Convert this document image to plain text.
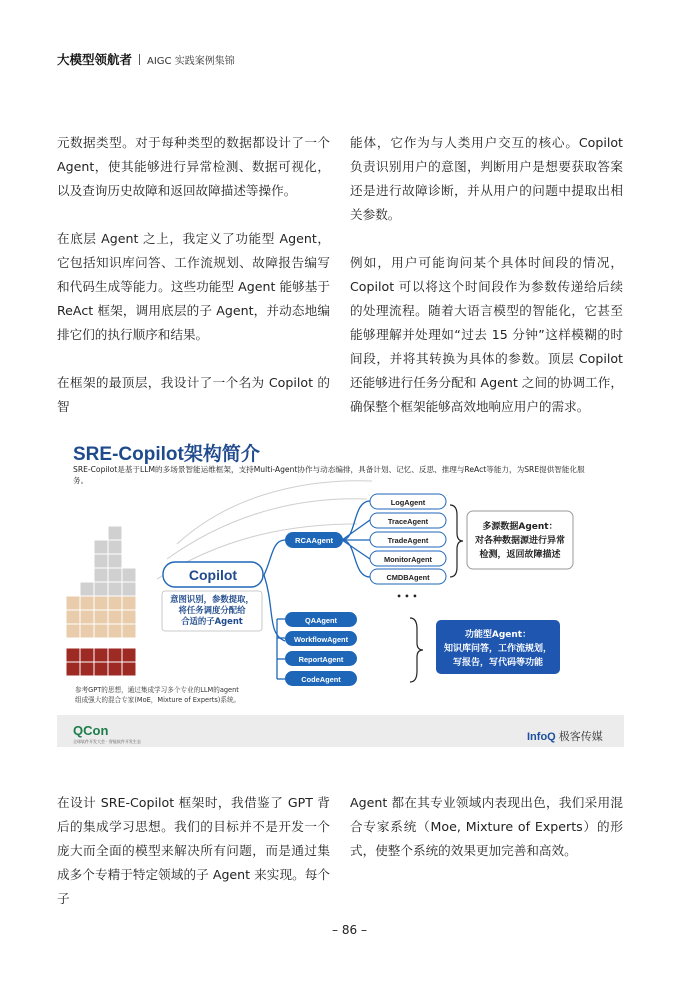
大模型领航者 AIGC 实践案例集锦

元数据类型。对于每种类型的数据都设计了一个Agent，使其能够进行异常检测、数据可视化，以及查询历史故障和返回故障描述等操作。

在底层 Agent 之上，我定义了功能型 Agent，它包括知识库问答、工作流规划、故障报告编写和代码生成等能力。这些功能型 Agent 能够基于ReAct 框架，调用底层的子 Agent，并动态地编排它们的执行顺序和结果。

在框架的最顶层，我设计了一个名为 Copilot 的智

能体，它作为与人类用户交互的核心。Copilot 负责识别用户的意图，判断用户是想要获取答案还是进行故障诊断，并从用户的问题中提取出相关参数。

例如，用户可能询问某个具体时间段的情况，Copilot 可以将这个时间段作为参数传递给后续的处理流程。随着大语言模型的智能化，它甚至能够理解并处理如“过去 15 分钟”这样模糊的时间段，并将其转换为具体的参数。顶层 Copilot 还能够进行任务分配和 Agent 之间的协调工作，确保整个框架能够高效地响应用户的需求。

SRE-Copilot架构简介
SRE-Copilot是基于LLM的多场景智能运维框架，支持Multi-Agent协作与动态编排，具备计划、记忆、反思、推理与ReAct等能力，为SRE提供智能化服务。
Copilot
意图识别，参数提取，
将任务调度分配给
合适的子Agent
RCAAgent
LogAgent
TraceAgent
TradeAgent
MonitorAgent
CMDBAgent
• • •
QAAgent
WorkflowAgent
ReportAgent
CodeAgent
多源数据Agent：
对各种数据源进行异常
检测，返回故障描述
功能型Agent：
知识库问答，工作流规划，
写报告，写代码等功能
参考GPT的思想，通过集成学习多个专业的LLM的agent
组成强大的混合专家(MoE，Mixture of Experts)系统。
QCon
全球软件开发大会 · 智能软件开发生态	InfoQ 极客传媒

在设计 SRE-Copilot 框架时，我借鉴了 GPT 背后的集成学习思想。我们的目标并不是开发一个庞大而全面的模型来解决所有问题，而是通过集成多个专精于特定领域的子 Agent 来实现。每个子

Agent 都在其专业领域内表现出色，我们采用混合专家系统（Moe, Mixture of Experts）的形式，使整个系统的效果更加完善和高效。

– 86 –
